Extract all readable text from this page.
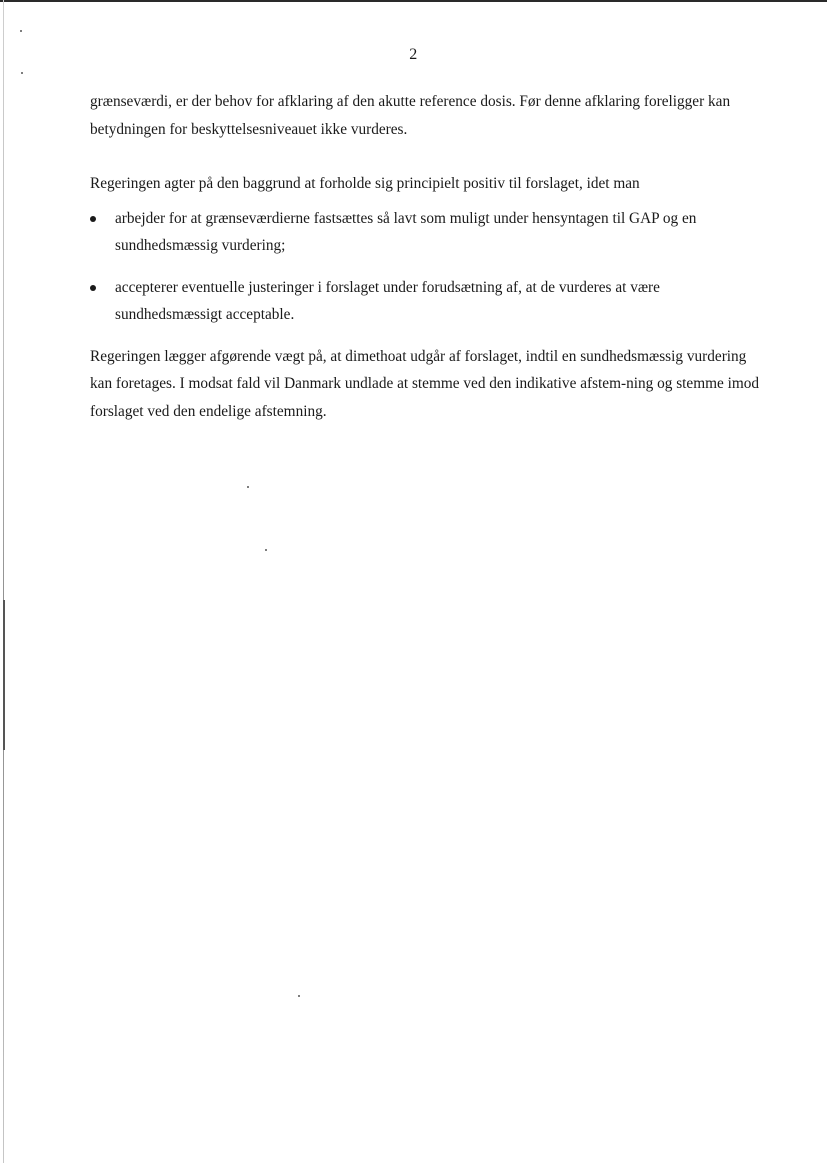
2

grænseværdi, er der behov for afklaring af den akutte reference dosis. Før denne afklaring foreligger kan betydningen for beskyttelsesniveauet ikke vurderes.

Regeringen agter på den baggrund at forholde sig principielt positiv til forslaget, idet man

arbejder for at grænseværdierne fastsættes så lavt som muligt under hensyntagen til GAP og en sundhedsmæssig vurdering;
accepterer eventuelle justeringer i forslaget under forudsætning af, at de vurderes at være sundhedsmæssigt acceptable.

Regeringen lægger afgørende vægt på, at dimethoat udgår af forslaget, indtil en sundhedsmæssig vurdering kan foretages. I modsat fald vil Danmark undlade at stemme ved den indikative afstem-ning og stemme imod forslaget ved den endelige afstemning.
